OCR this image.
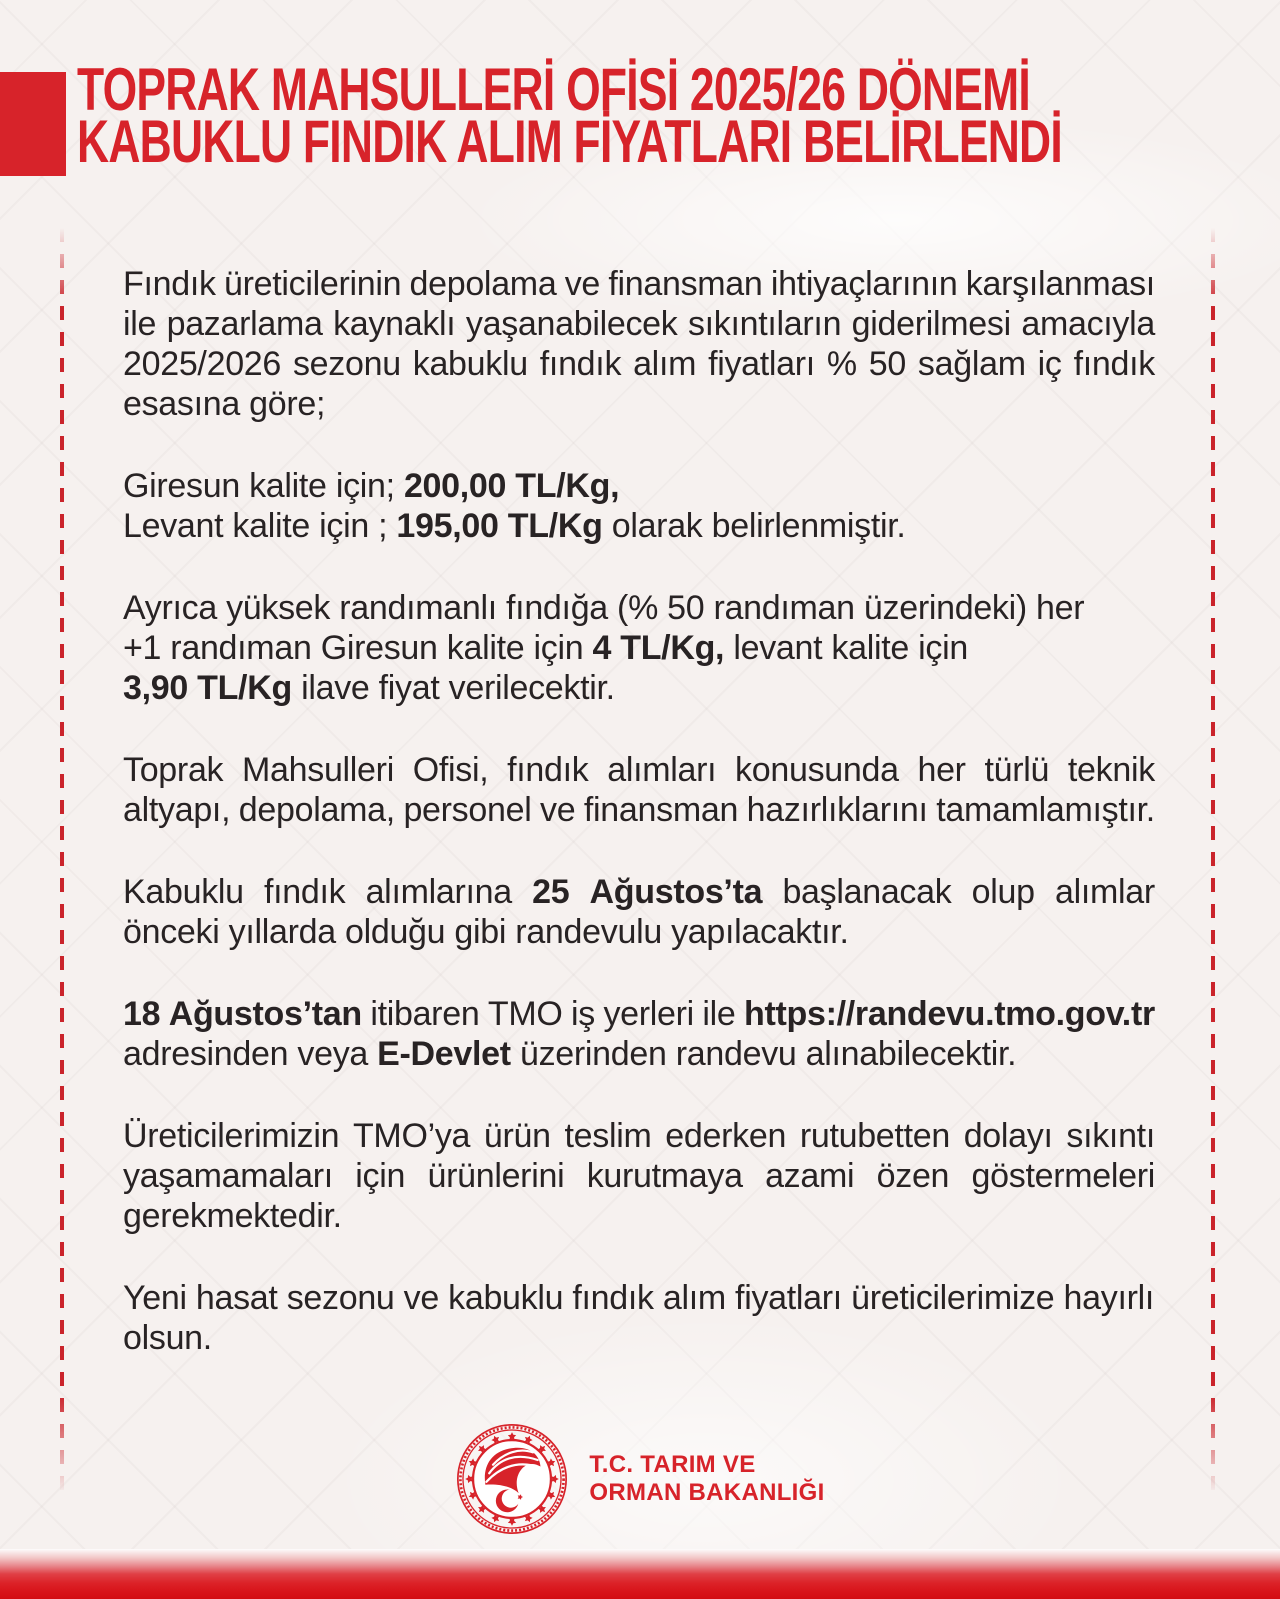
TOPRAK MAHSULLERİ OFİSİ 2025/26 DÖNEMİ
KABUKLU FINDIK ALIM FİYATLARI BELİRLENDİ
Fındık üreticilerinin depolama ve finansman ihtiyaçlarının karşılanması
ile pazarlama kaynaklı yaşanabilecek sıkıntıların giderilmesi amacıyla
2025/2026 sezonu kabuklu fındık alım fiyatları % 50 sağlam iç fındık
esasına göre;
Giresun kalite için; 200,00 TL/Kg,
Levant kalite için ; 195,00 TL/Kg olarak belirlenmiştir.
Ayrıca yüksek randımanlı fındığa (% 50 randıman üzerindeki) her
+1 randıman Giresun kalite için 4 TL/Kg, levant kalite için
3,90 TL/Kg ilave fiyat verilecektir.
Toprak Mahsulleri Ofisi, fındık alımları konusunda her türlü teknik
altyapı, depolama, personel ve finansman hazırlıklarını tamamlamıştır.
Kabuklu fındık alımlarına 25 Ağustos’ta başlanacak olup alımlar
önceki yıllarda olduğu gibi randevulu yapılacaktır.
18 Ağustos’tan itibaren TMO iş yerleri ile https://randevu.tmo.gov.tr
adresinden veya E-Devlet üzerinden randevu alınabilecektir.
Üreticilerimizin TMO’ya ürün teslim ederken rutubetten dolayı sıkıntı
yaşamamaları için ürünlerini kurutmaya azami özen göstermeleri
gerekmektedir.
Yeni hasat sezonu ve kabuklu fındık alım fiyatları üreticilerimize hayırlı
olsun.
T.C. TARIM VE
ORMAN BAKANLIĞI
